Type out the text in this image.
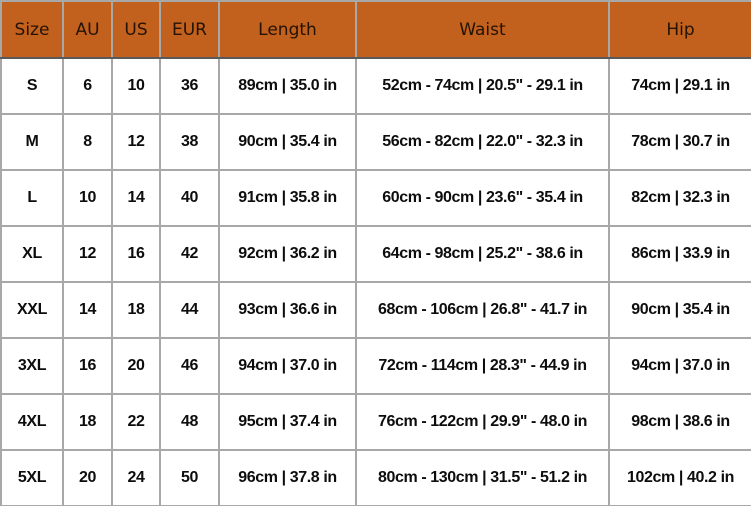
Size	AU	US	EUR	Length	Waist	Hip
S	6	10	36	89cm | 35.0 in	52cm - 74cm | 20.5" - 29.1 in	74cm | 29.1 in
M	8	12	38	90cm | 35.4 in	56cm - 82cm | 22.0" - 32.3 in	78cm | 30.7 in
L	10	14	40	91cm | 35.8 in	60cm - 90cm | 23.6" - 35.4 in	82cm | 32.3 in
XL	12	16	42	92cm | 36.2 in	64cm - 98cm | 25.2" - 38.6 in	86cm | 33.9 in
XXL	14	18	44	93cm | 36.6 in	68cm - 106cm | 26.8" - 41.7 in	90cm | 35.4 in
3XL	16	20	46	94cm | 37.0 in	72cm - 114cm | 28.3" - 44.9 in	94cm | 37.0 in
4XL	18	22	48	95cm | 37.4 in	76cm - 122cm | 29.9" - 48.0 in	98cm | 38.6 in
5XL	20	24	50	96cm | 37.8 in	80cm - 130cm | 31.5" - 51.2 in	102cm | 40.2 in
